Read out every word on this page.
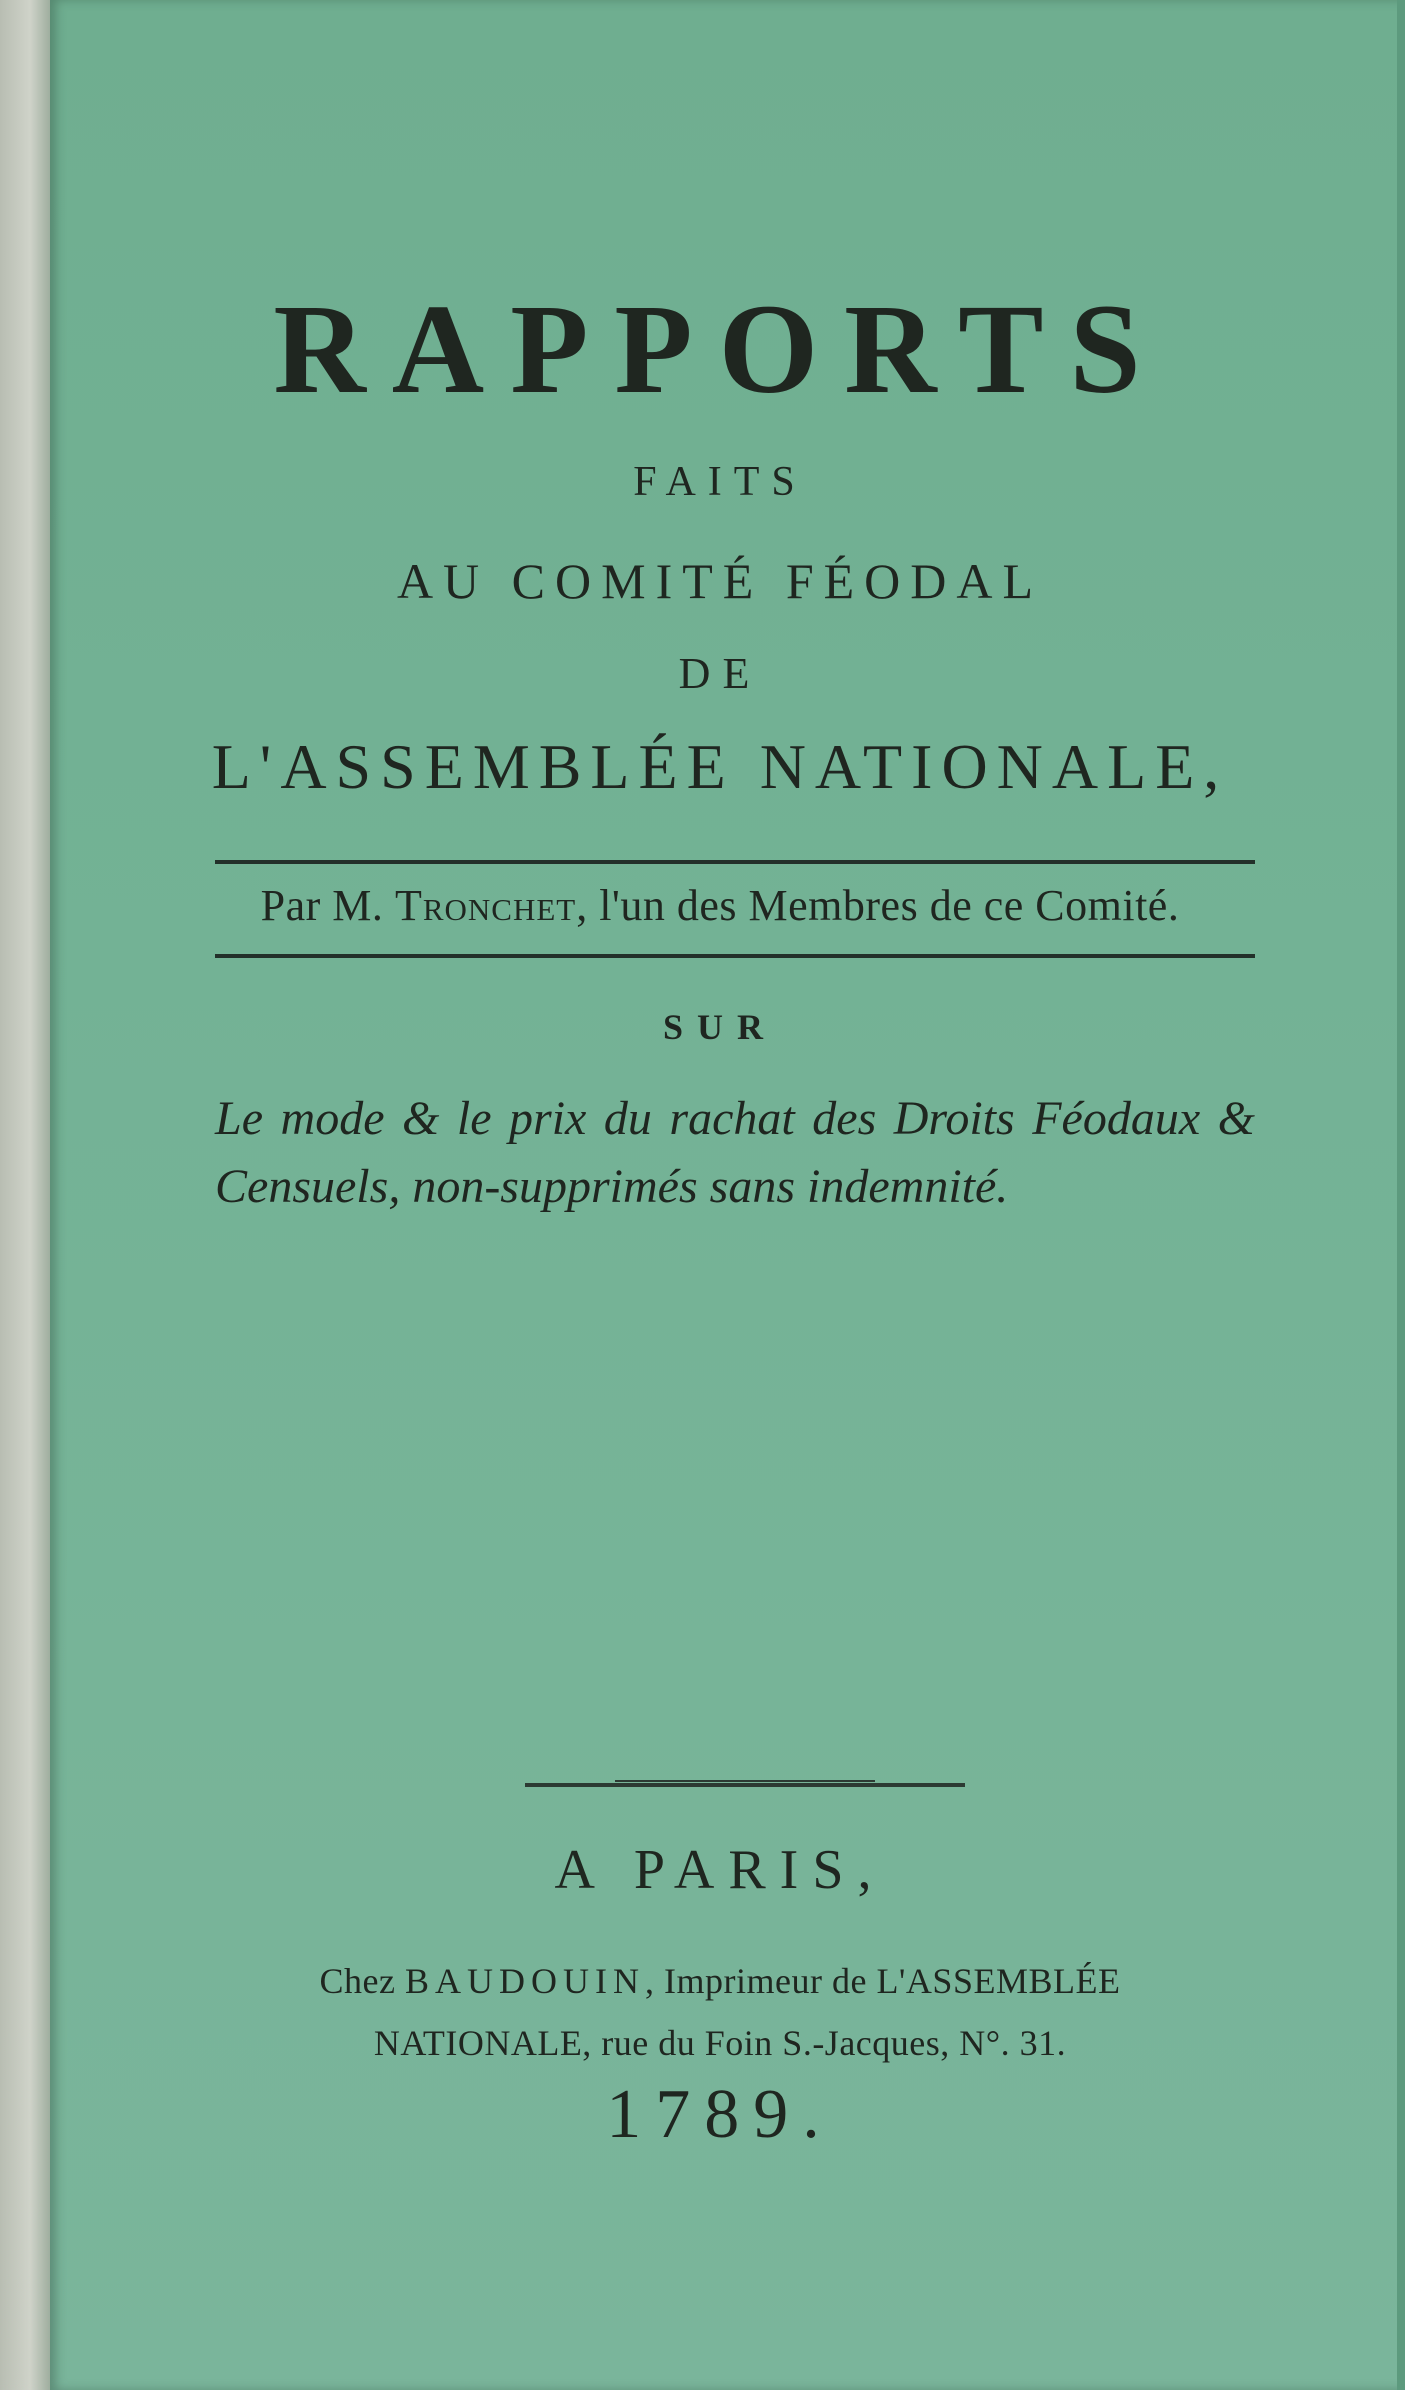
RAPPORTS
FAITS
AU COMITÉ FÉODAL
DE
L'ASSEMBLÉE NATIONALE,
Par M. Tronchet, l'un des Membres de ce Comité.
SUR
Le mode & le prix du rachat des Droits Féodaux & Censuels, non-supprimés sans indemnité.
A PARIS,
Chez BAUDOUIN, Imprimeur de L'ASSEMBLÉE
NATIONALE, rue du Foin S.-Jacques, N°. 31.
1789.
